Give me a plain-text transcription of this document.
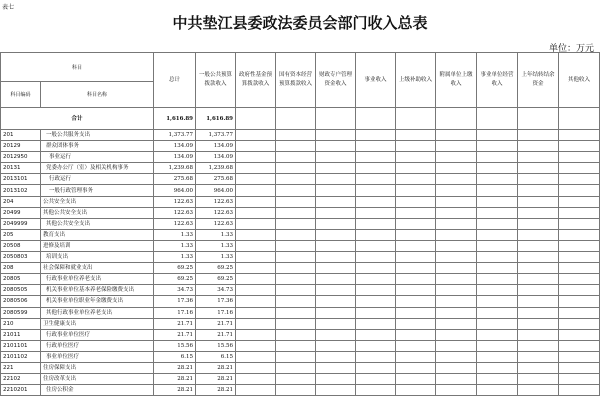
表七
中共垫江县委政法委员会部门收入总表
单位：万元
科目		总计	一般公共预算拨款收入	政府性基金预算拨款收入	国有资本经营预算拨款收入	财政专户管理资金收入	事业收入	上级补助收入	附属单位上缴收入	事业单位经营收入	上年结转结余资金	其他收入
科目编码	科目名称											
合计		1,616.89	1,616.89									
201	一般公共服务支出	1,373.77	1,373.77									
20129	群众团体事务	134.09	134.09									
2012950	事业运行	134.09	134.09									
20131	党委办公厅（室）及相关机构事务	1,239.68	1,239.68									
2013101	行政运行	275.68	275.68									
2013102	一般行政管理事务	964.00	964.00									
204	公共安全支出	122.63	122.63									
20499	其他公共安全支出	122.63	122.63									
2049999	其他公共安全支出	122.63	122.63									
205	教育支出	1.33	1.33									
20508	进修及培训	1.33	1.33									
2050803	培训支出	1.33	1.33									
208	社会保障和就业支出	69.25	69.25									
20805	行政事业单位养老支出	69.25	69.25									
2080505	机关事业单位基本养老保险缴费支出	34.73	34.73									
2080506	机关事业单位职业年金缴费支出	17.36	17.36									
2080599	其他行政事业单位养老支出	17.16	17.16									
210	卫生健康支出	21.71	21.71									
21011	行政事业单位医疗	21.71	21.71									
2101101	行政单位医疗	15.56	15.56									
2101102	事业单位医疗	6.15	6.15									
221	住房保障支出	28.21	28.21									
22102	住房改革支出	28.21	28.21									
2210201	住房公积金	28.21	28.21									
